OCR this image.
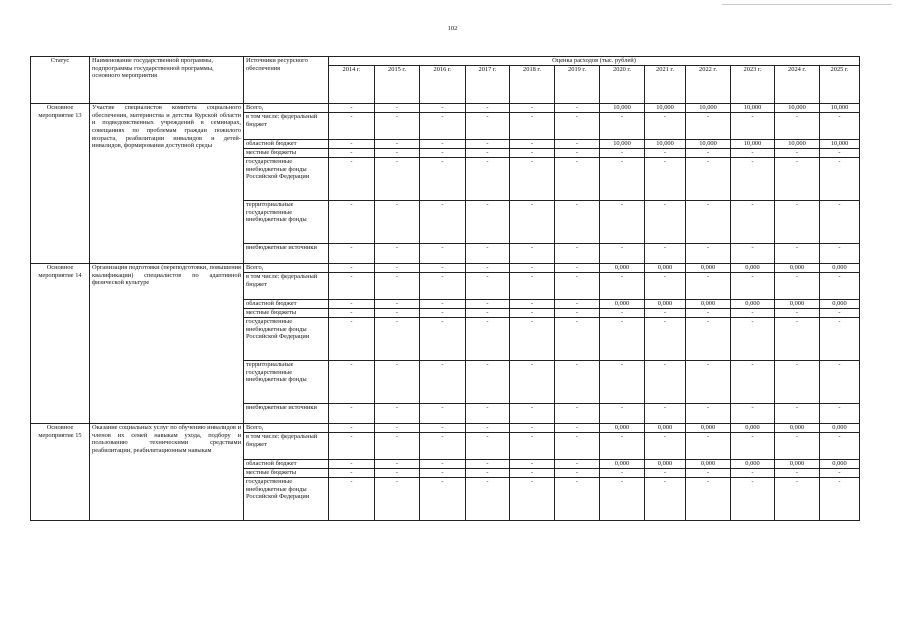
102
Статус	Наименование государственной программы, подпрограммы государственной программы, основного мероприятия	Источники ресурсного обеспечения	Оценка расходов (тыс. рублей)											
			2014 г.	2015 г.	2016 г.	2017 г.	2018 г.	2019 г.	2020 г.	2021 г.	2022 г.	2023 г.	2024 г.	2025 г.
Основное мероприятие 13	Участие специалистов комитета социального обеспечения, материнства и детства Курской области и подведомственных учреждений в семинарах, совещаниях по проблемам граждан пожилого возраста, реабилитации инвалидов и детей-инвалидов, формирования доступной среды	Всего,	-	-	-	-	-	-	10,000	10,000	10,000	10,000	10,000	10,000
		в том числе: федеральный бюджет	-	-	-	-	-	-	-	-	-	-	-	-
		областной бюджет	-	-	-	-	-	-	10,000	10,000	10,000	10,000	10,000	10,000
		местные бюджеты	-	-	-	-	-	-	-	-	-	-	-	-
		государственные внебюджетные фонды Российской Федерации	-	-	-	-	-	-	-	-	-	-	-	-
		территориальные государственные внебюджетные фонды	-	-	-	-	-	-	-	-	-	-	-	-
		внебюджетные источники	-	-	-	-	-	-	-	-	-	-	-	-
Основное мероприятие 14	Организация подготовки (переподготовки, повышения квалификации) специалистов по адаптивной физической культуре	Всего,	-	-	-	-	-	-	0,000	0,000	0,000	0,000	0,000	0,000
		в том числе: федеральный бюджет	-	-	-	-	-	-	-	-	-	-	-	-
		областной бюджет	-	-	-	-	-	-	0,000	0,000	0,000	0,000	0,000	0,000
		местные бюджеты	-	-	-	-	-	-	-	-	-	-	-	-
		государственные внебюджетные фонды Российской Федерации	-	-	-	-	-	-	-	-	-	-	-	-
		территориальные государственные внебюджетные фонды	-	-	-	-	-	-	-	-	-	-	-	-
		внебюджетные источники	-	-	-	-	-	-	-	-	-	-	-	-
Основное мероприятие 15	Оказание социальных услуг по обучению инвалидов и членов их семей навыкам ухода, подбору и пользованию техническими средствами реабилитации, реабилитационным навыкам	Всего,	-	-	-	-	-	-	0,000	0,000	0,000	0,000	0,000	0,000
		в том числе: федеральный бюджет	-	-	-	-	-	-	-	-	-	-	-	-
		областной бюджет	-	-	-	-	-	-	0,000	0,000	0,000	0,000	0,000	0,000
		местные бюджеты	-	-	-	-	-	-	-	-	-	-	-	-
		государственные внебюджетные фонды Российской Федерации	-	-	-	-	-	-	-	-	-	-	-	-
